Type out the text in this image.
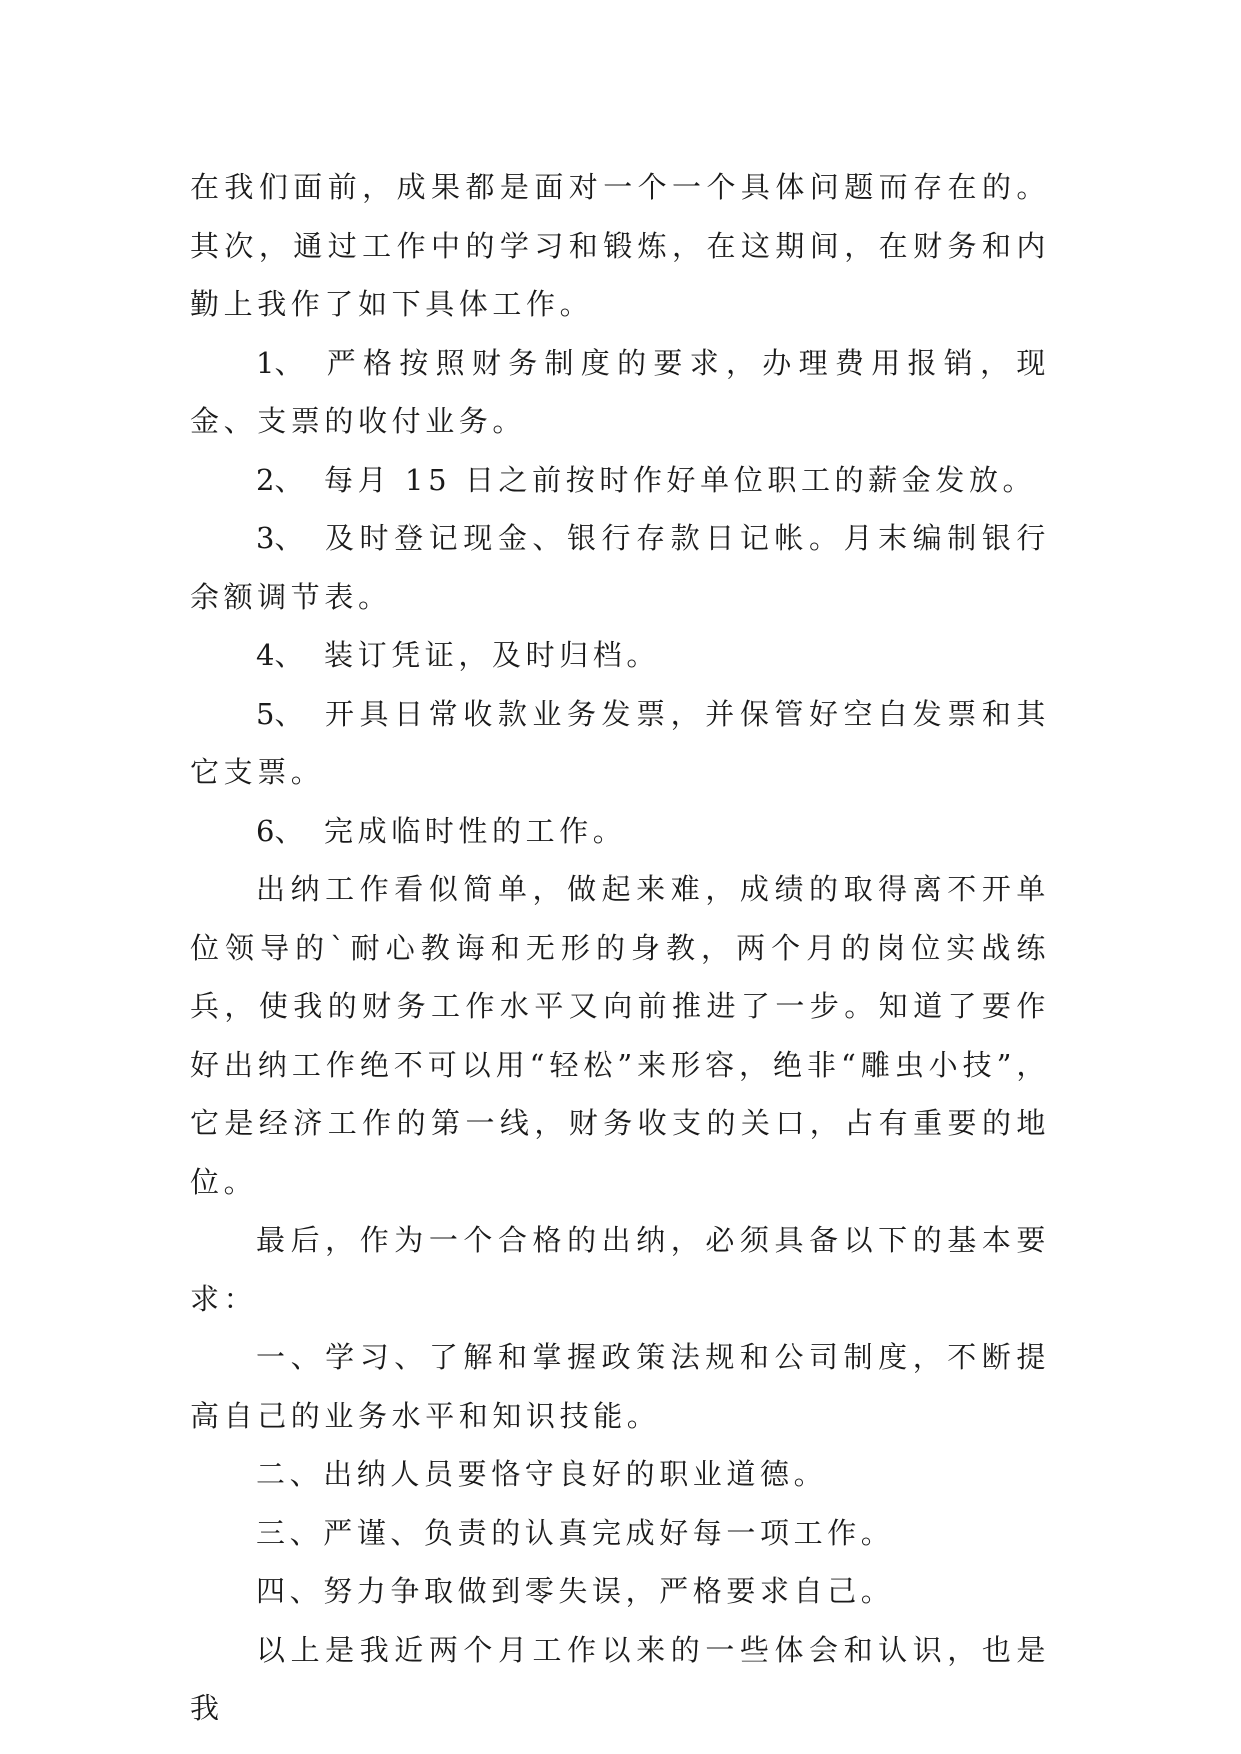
在我们面前，成果都是面对一个一个具体问题而存在的。其次，通过工作中的学习和锻炼，在这期间，在财务和内勤上我作了如下具体工作。

1、 严格按照财务制度的要求，办理费用报销，现金、支票的收付业务。

2、 每月 15 日之前按时作好单位职工的薪金发放。

3、 及时登记现金、银行存款日记帐。月末编制银行余额调节表。

4、 装订凭证，及时归档。

5、 开具日常收款业务发票，并保管好空白发票和其它支票。

6、 完成临时性的工作。

出纳工作看似简单，做起来难，成绩的取得离不开单位领导的`耐心教诲和无形的身教，两个月的岗位实战练兵，使我的财务工作水平又向前推进了一步。知道了要作好出纳工作绝不可以用“轻松”来形容，绝非“雕虫小技”，它是经济工作的第一线，财务收支的关口，占有重要的地位。

最后，作为一个合格的出纳，必须具备以下的基本要求：

一、学习、了解和掌握政策法规和公司制度，不断提高自己的业务水平和知识技能。

二、出纳人员要恪守良好的职业道德。

三、严谨、负责的认真完成好每一项工作。

四、努力争取做到零失误，严格要求自己。

以上是我近两个月工作以来的一些体会和认识，也是我
